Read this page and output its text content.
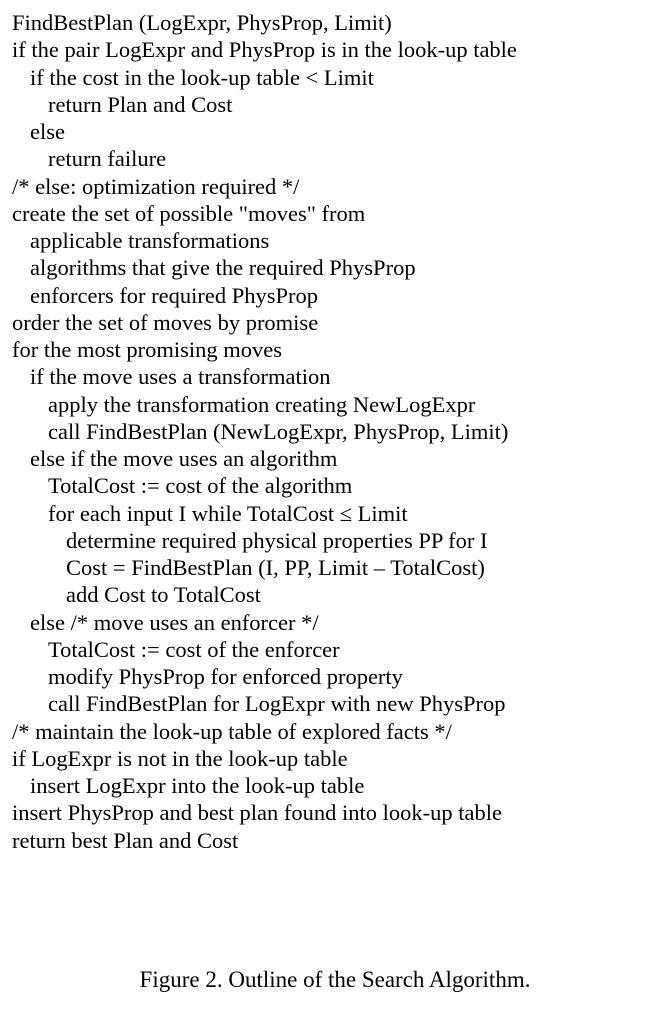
FindBestPlan (LogExpr, PhysProp, Limit)
if the pair LogExpr and PhysProp is in the look-up table
if the cost in the look-up table < Limit
return Plan and Cost
else
return failure
/* else: optimization required */
create the set of possible "moves" from
applicable transformations
algorithms that give the required PhysProp
enforcers for required PhysProp
order the set of moves by promise
for the most promising moves
if the move uses a transformation
apply the transformation creating NewLogExpr
call FindBestPlan (NewLogExpr, PhysProp, Limit)
else if the move uses an algorithm
TotalCost := cost of the algorithm
for each input I while TotalCost ≤ Limit
determine required physical properties PP for I
Cost = FindBestPlan (I, PP, Limit – TotalCost)
add Cost to TotalCost
else /* move uses an enforcer */
TotalCost := cost of the enforcer
modify PhysProp for enforced property
call FindBestPlan for LogExpr with new PhysProp
/* maintain the look-up table of explored facts */
if LogExpr is not in the look-up table
insert LogExpr into the look-up table
insert PhysProp and best plan found into look-up table
return best Plan and Cost

Figure 2. Outline of the Search Algorithm.
